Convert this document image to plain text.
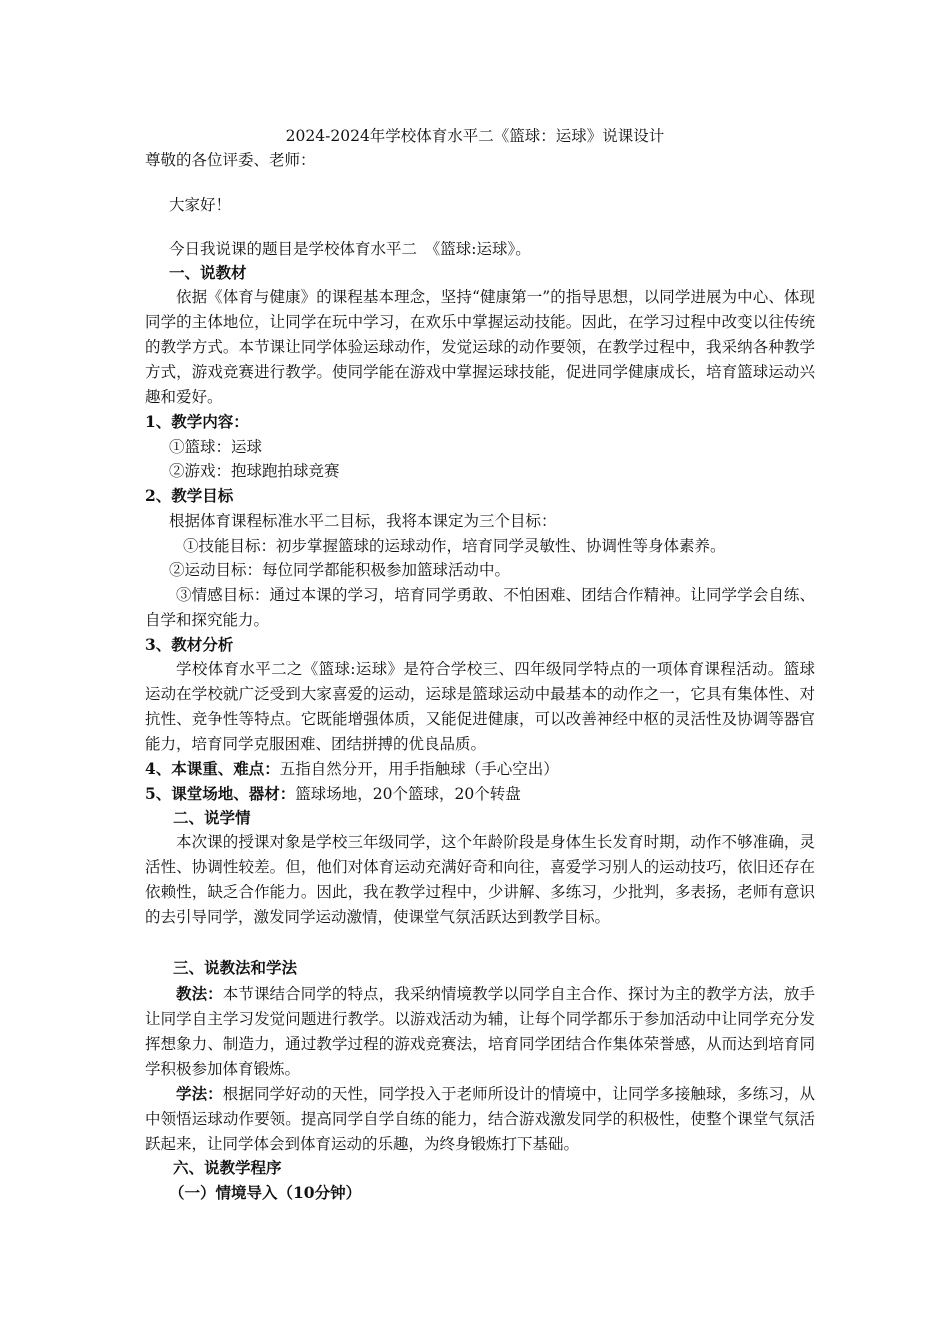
2024-2024年学校体育水平二《篮球：运球》说课设计
尊敬的各位评委、老师：
大家好！
今日我说课的题目是学校体育水平二　《篮球:运球》。
一、说教材
依据《体育与健康》的课程基本理念，坚持“健康第一”的指导思想，以同学进展为中心、体现同学的主体地位，让同学在玩中学习，在欢乐中掌握运动技能。因此，在学习过程中改变以往传统的教学方式。本节课让同学体验运球动作，发觉运球的动作要领，在教学过程中，我采纳各种教学方式，游戏竞赛进行教学。使同学能在游戏中掌握运球技能，促进同学健康成长，培育篮球运动兴趣和爱好。
1、教学内容：
①篮球：运球
②游戏：抱球跑拍球竞赛
2、教学目标
根据体育课程标准水平二目标，我将本课定为三个目标：
①技能目标：初步掌握篮球的运球动作，培育同学灵敏性、协调性等身体素养。
②运动目标：每位同学都能积极参加篮球活动中。
③情感目标：通过本课的学习，培育同学勇敢、不怕困难、团结合作精神。让同学学会自练、自学和探究能力。
3、教材分析
学校体育水平二之《篮球:运球》是符合学校三、四年级同学特点的一项体育课程活动。篮球运动在学校就广泛受到大家喜爱的运动，运球是篮球运动中最基本的动作之一，它具有集体性、对抗性、竞争性等特点。它既能增强体质，又能促进健康，可以改善神经中枢的灵活性及协调等器官能力，培育同学克服困难、团结拼搏的优良品质。
4、本课重、难点：五指自然分开，用手指触球（手心空出）
5、课堂场地、器材：篮球场地，20个篮球，20个转盘
二、说学情
本次课的授课对象是学校三年级同学，这个年龄阶段是身体生长发育时期，动作不够准确，灵活性、协调性较差。但，他们对体育运动充满好奇和向往，喜爱学习别人的运动技巧，依旧还存在依赖性，缺乏合作能力。因此，我在教学过程中，少讲解、多练习，少批判，多表扬，老师有意识的去引导同学，激发同学运动激情，使课堂气氛活跃达到教学目标。
三、说教法和学法
教法：本节课结合同学的特点，我采纳情境教学以同学自主合作、探讨为主的教学方法，放手让同学自主学习发觉问题进行教学。以游戏活动为辅，让每个同学都乐于参加活动中让同学充分发挥想象力、制造力，通过教学过程的游戏竞赛法，培育同学团结合作集体荣誉感，从而达到培育同学积极参加体育锻炼。
学法：根据同学好动的天性，同学投入于老师所设计的情境中，让同学多接触球，多练习，从中领悟运球动作要领。提高同学自学自练的能力，结合游戏激发同学的积极性，使整个课堂气氛活跃起来，让同学体会到体育运动的乐趣，为终身锻炼打下基础。
六、说教学程序
（一）情境导入（10分钟）
